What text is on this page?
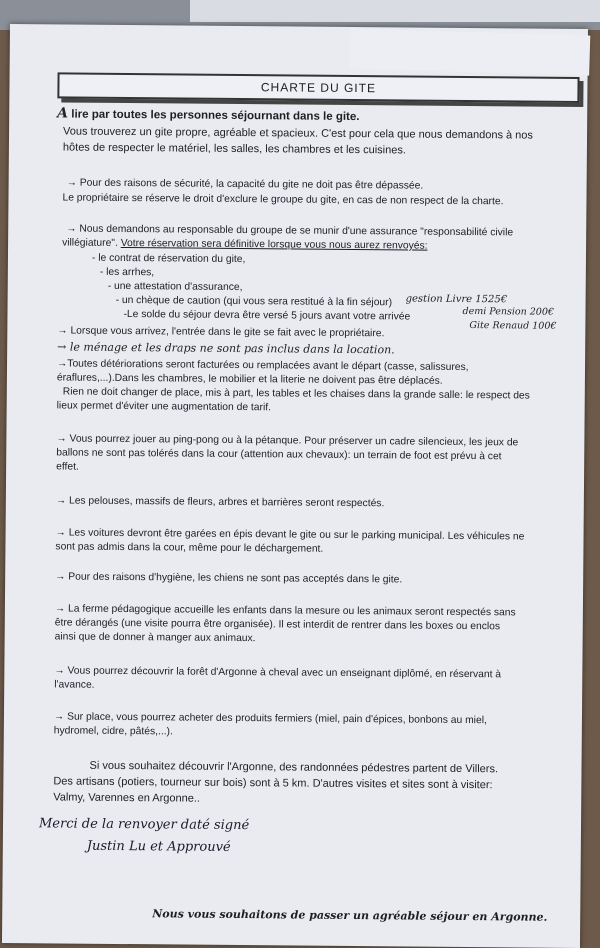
CHARTE DU GITE
A lire par toutes les personnes séjournant dans le gite.
Vous trouverez un gite propre, agréable et spacieux. C'est pour cela que nous demandons à nos
hôtes de respecter le matériel, les salles, les chambres et les cuisines.
→ Pour des raisons de sécurité, la capacité du gite ne doit pas être dépassée.
Le propriétaire se réserve le droit d'exclure le groupe du gite, en cas de non respect de la charte.
→ Nous demandons au responsable du groupe de se munir d'une assurance "responsabilité civile
villégiature". Votre réservation sera définitive lorsque vous nous aurez renvoyés:
- le contrat de réservation du gite,
- les arrhes,
- une attestation d'assurance,
- un chèque de caution (qui vous sera restitué à la fin séjour) gestion Livre 1525€
-Le solde du séjour devra être versé 5 jours avant votre arrivée	demi Pension 200€
Gite Renaud 100€
→ Lorsque vous arrivez, l'entrée dans le gite se fait avec le propriétaire.
→ le ménage et les draps ne sont pas inclus dans la location.
→Toutes détériorations seront facturées ou remplacées avant le départ (casse, salissures,
éraflures,...).Dans les chambres, le mobilier et la literie ne doivent pas être déplacés.
Rien ne doit changer de place, mis à part, les tables et les chaises dans la grande salle: le respect des
lieux permet d'éviter une augmentation de tarif.
→ Vous pourrez jouer au ping-pong ou à la pétanque. Pour préserver un cadre silencieux, les jeux de
ballons ne sont pas tolérés dans la cour (attention aux chevaux): un terrain de foot est prévu à cet
effet.
→ Les pelouses, massifs de fleurs, arbres et barrières seront respectés.
→ Les voitures devront être garées en épis devant le gite ou sur le parking municipal. Les véhicules ne
sont pas admis dans la cour, même pour le déchargement.
→ Pour des raisons d'hygiène, les chiens ne sont pas acceptés dans le gite.
→ La ferme pédagogique accueille les enfants dans la mesure ou les animaux seront respectés sans
être dérangés (une visite pourra être organisée). Il est interdit de rentrer dans les boxes ou enclos
ainsi que de donner à manger aux animaux.
→ Vous pourrez découvrir la forêt d'Argonne à cheval avec un enseignant diplômé, en réservant à
l'avance.
→ Sur place, vous pourrez acheter des produits fermiers (miel, pain d'épices, bonbons au miel,
hydromel, cidre, pâtés,...).
Si vous souhaitez découvrir l'Argonne, des randonnées pédestres partent de Villers.
Des artisans (potiers, tourneur sur bois) sont à 5 km. D'autres visites et sites sont à visiter:
Valmy, Varennes en Argonne..
Merci de la renvoyer daté signé
Justin Lu et Approuvé
Nous vous souhaitons de passer un agréable séjour en Argonne.
